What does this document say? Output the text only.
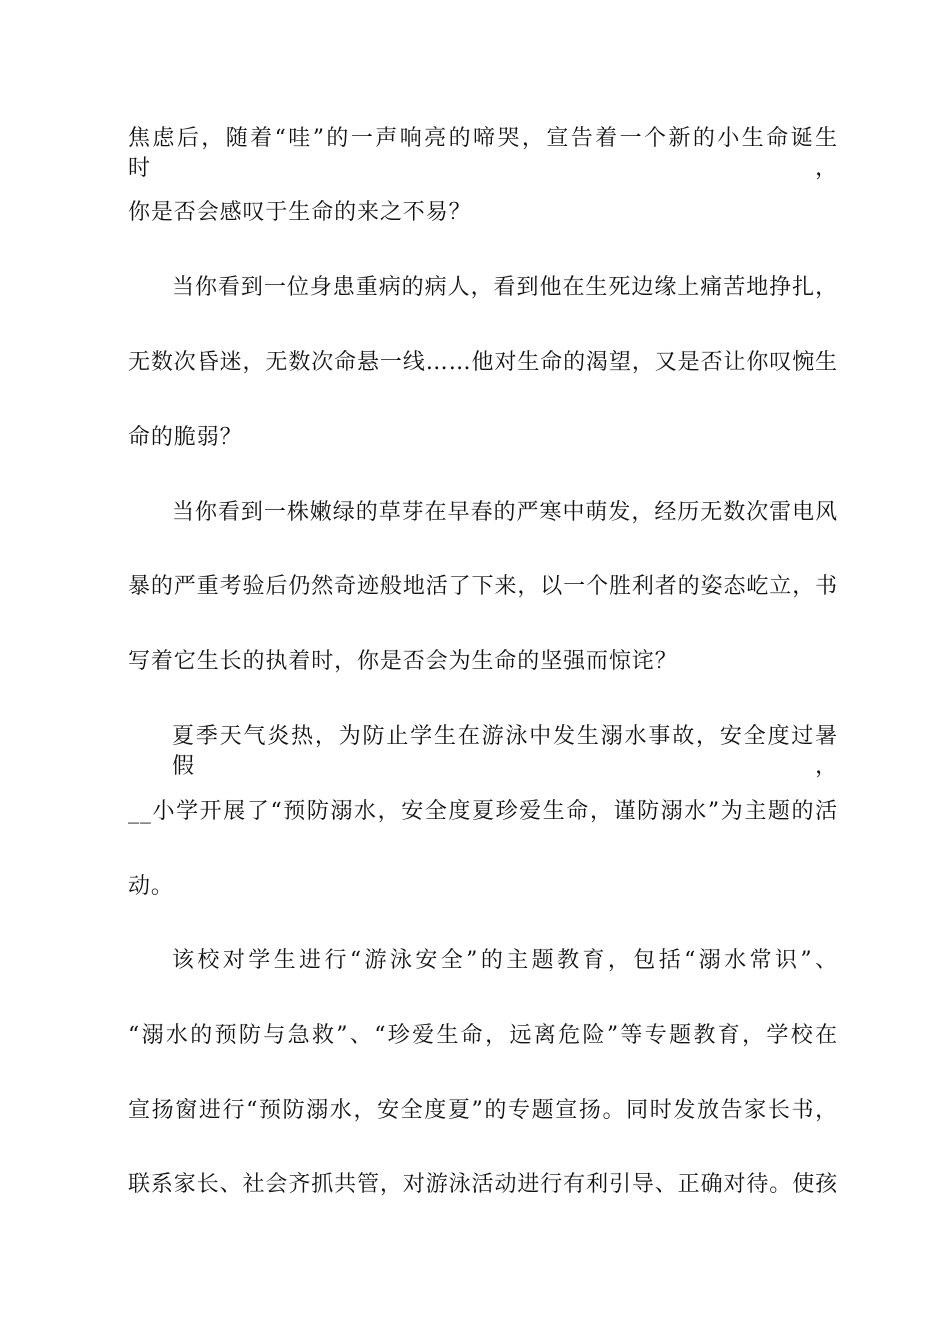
焦虑后，随着“哇”的一声响亮的啼哭，宣告着一个新的小生命诞生时，
你是否会感叹于生命的来之不易？
当你看到一位身患重病的病人，看到他在生死边缘上痛苦地挣扎，
无数次昏迷，无数次命悬一线……他对生命的渴望，又是否让你叹惋生
命的脆弱？
当你看到一株嫩绿的草芽在早春的严寒中萌发，经历无数次雷电风
暴的严重考验后仍然奇迹般地活了下来，以一个胜利者的姿态屹立，书
写着它生长的执着时，你是否会为生命的坚强而惊诧？
夏季天气炎热，为防止学生在游泳中发生溺水事故，安全度过暑假，
__小学开展了“预防溺水，安全度夏珍爱生命，谨防溺水”为主题的活
动。
该校对学生进行“游泳安全”的主题教育，包括“溺水常识”、
“溺水的预防与急救”、“珍爱生命，远离危险”等专题教育，学校在
宣扬窗进行“预防溺水，安全度夏”的专题宣扬。同时发放告家长书，
联系家长、社会齐抓共管，对游泳活动进行有利引导、正确对待。使孩
